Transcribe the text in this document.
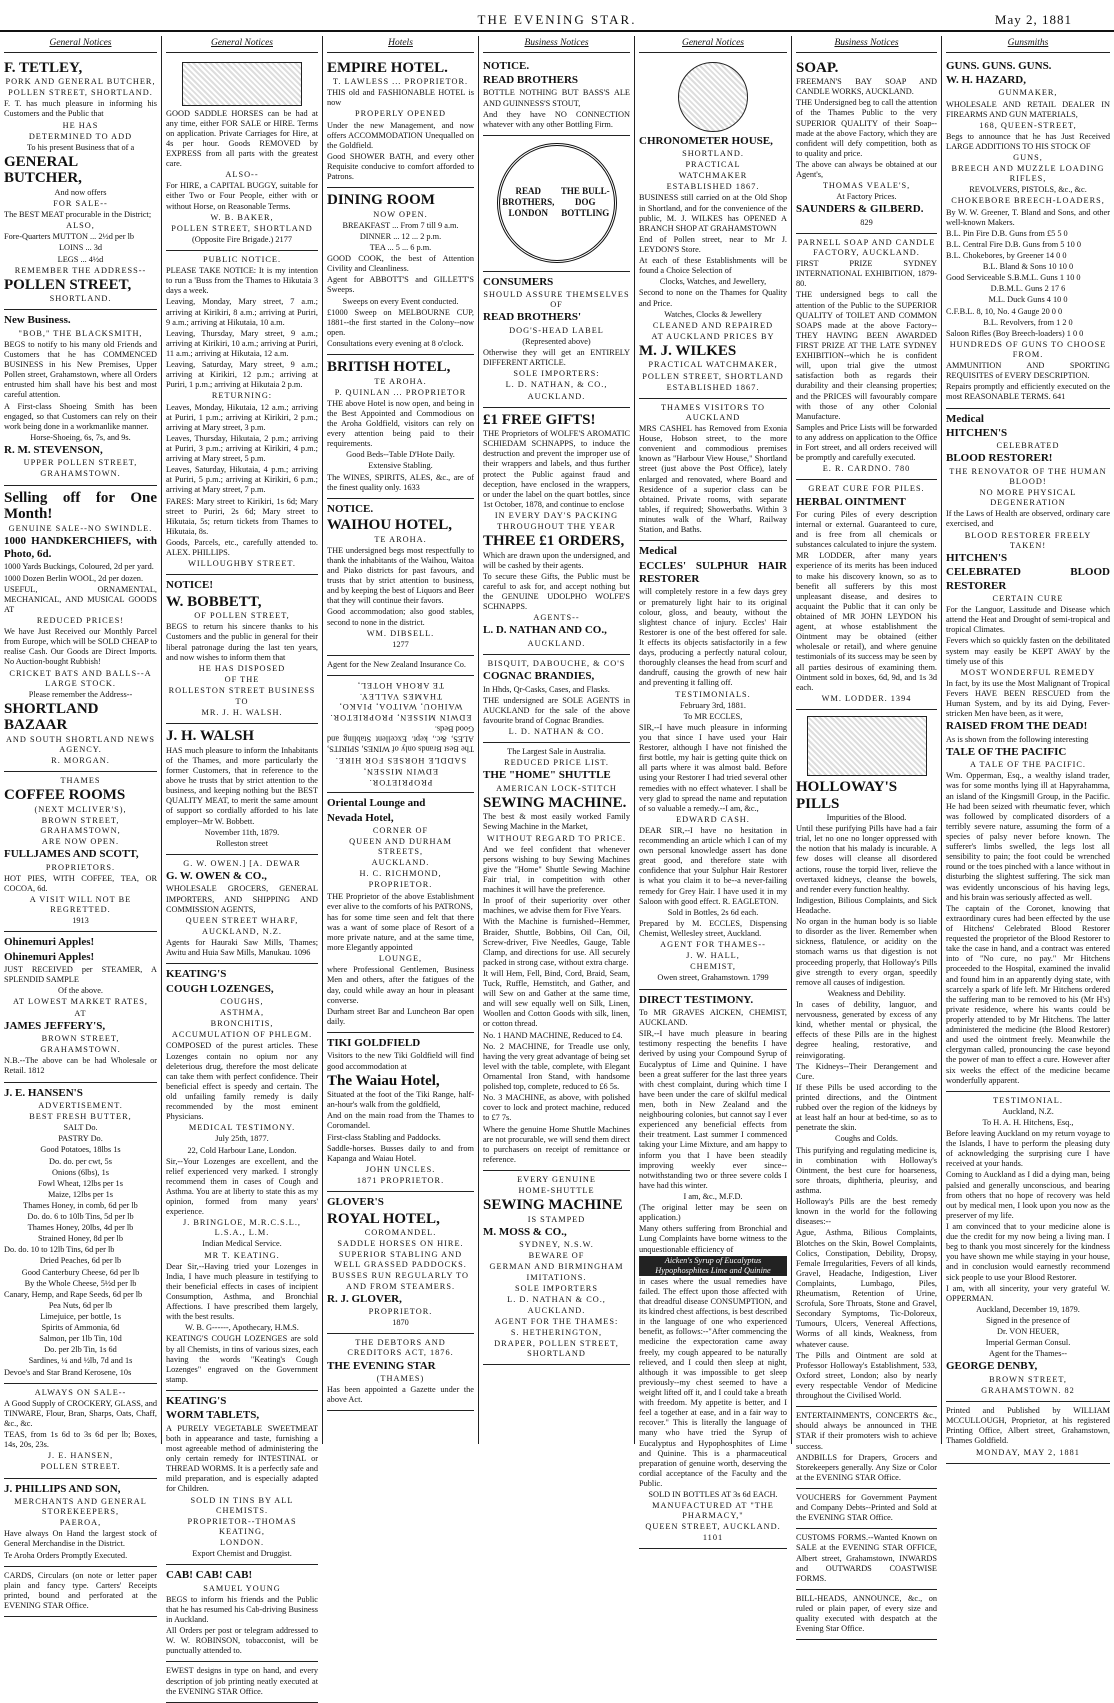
THE EVENING STAR.	May 2, 1881
General Notices

F. TETLEY,

PORK AND GENERAL BUTCHER,

POLLEN STREET, SHORTLAND.

F. T. has much pleasure in informing his Customers and the Public that

HE HAS

DETERMINED TO ADD

To his present Business that of a

GENERAL BUTCHER,

And now offers

FOR SALE--

The BEST MEAT procurable in the District;

ALSO,

Fore-Quarters MUTTON ... 2½d per lb

LOINS ... 3d

LEGS ... 4½d

REMEMBER THE ADDRESS--

POLLEN STREET,

SHORTLAND.

New Business.

"BOB," THE BLACKSMITH,

BEGS to notify to his many old Friends and Customers that he has COMMENCED BUSINESS in his New Premises, Upper Pollen street, Grahamstown, where all Orders entrusted him shall have his best and most careful attention.

A First-class Shoeing Smith has been engaged, so that Customers can rely on their work being done in a workmanlike manner.

Horse-Shoeing, 6s, 7s, and 9s.

R. M. STEVENSON,

UPPER POLLEN STREET,

GRAHAMSTOWN.

Selling off for One Month!

GENUINE SALE--NO SWINDLE.

1000 HANDKERCHIEFS, with Photo, 6d.

1000 Yards Buckings, Coloured, 2d per yard.

1000 Dozen Berlin WOOL, 2d per dozen.

USEFUL, ORNAMENTAL, MECHANICAL, AND MUSICAL GOODS AT

REDUCED PRICES!

We have Just Received our Monthly Parcel from Europe, which will be SOLD CHEAP to realise Cash. Our Goods are Direct Imports. No Auction-bought Rubbish!

CRICKET BATS AND BALLS--A LARGE STOCK.

Please remember the Address--

SHORTLAND BAZAAR

AND SOUTH SHORTLAND NEWS AGENCY.

R. MORGAN.

THAMES

COFFEE ROOMS

(NEXT MCLIVER'S),

BROWN STREET, GRAHAMSTOWN,

ARE NOW OPEN.

FULLJAMES AND SCOTT,

PROPRIETORS.

HOT PIES, WITH COFFEE, TEA, OR COCOA, 6d.

A VISIT WILL NOT BE REGRETTED.

1913

Ohinemuri Apples!

Ohinemuri Apples!

JUST RECEIVED per STEAMER, A SPLENDID SAMPLE

Of the above.

AT LOWEST MARKET RATES,

AT

JAMES JEFFERY'S,

BROWN STREET,

GRAHAMSTOWN.

N.B.--The above can be had Wholesale or Retail. 1812

J. E. HANSEN'S

ADVERTISEMENT.

BEST FRESH BUTTER,

SALT Do.

PASTRY Do.

Good Potatoes, 18lbs 1s

Do. do. per cwt, 5s

Onions (6lbs), 1s

Fowl Wheat, 12lbs per 1s

Maize, 12lbs per 1s

Thames Honey, in comb, 6d per lb

Do. do. 6 to 10lb Tins, 5d per lb

Thames Honey, 20lbs, 4d per lb

Strained Honey, 8d per lb

Do. do. 10 to 12lb Tins, 6d per lb

Dried Peaches, 6d per lb

Good Canterbury Cheese, 6d per lb

By the Whole Cheese, 5½d per lb

Canary, Hemp, and Rape Seeds, 6d per lb

Pea Nuts, 6d per lb

Limejuice, per bottle, 1s

Spirits of Ammonia, 6d

Salmon, per 1lb Tin, 10d

Do. per 2lb Tin, 1s 6d

Sardines, ¼ and ½lb, 7d and 1s

Devoe's and Star Brand Kerosene, 10s

ALWAYS ON SALE--

A Good Supply of CROCKERY, GLASS, and TINWARE, Flour, Bran, Sharps, Oats, Chaff, &c., &c.

TEAS, from 1s 6d to 3s 6d per lb; Boxes, 14s, 20s, 23s.

J. E. HANSEN,

POLLEN STREET.

J. PHILLIPS AND SON,

MERCHANTS AND GENERAL STOREKEEPERS,

PAEROA,

Have always On Hand the largest stock of General Merchandise in the District.

Te Aroha Orders Promptly Executed.

CARDS, Circulars (on note or letter paper plain and fancy type. Carters' Receipts printed, bound and perforated at the EVENING STAR Office.

General Notices

GOOD SADDLE HORSES can be had at any time, either FOR SALE or HIRE. Terms on application. Private Carriages for Hire, at 4s per hour. Goods REMOVED by EXPRESS from all parts with the greatest care.

ALSO--

For HIRE, a CAPITAL BUGGY, suitable for either Two or Four People, either with or without Horse, on Reasonable Terms.

W. B. BAKER,

POLLEN STREET, SHORTLAND

(Opposite Fire Brigade.) 2177

PUBLIC NOTICE.

PLEASE TAKE NOTICE: It is my intention to run a 'Buss from the Thames to Hikutaia 3 days a week.

Leaving, Monday, Mary street, 7 a.m.; arriving at Kirikiri, 8 a.m.; arriving at Puriri, 9 a.m.; arriving at Hikutaia, 10 a.m.

Leaving, Thursday, Mary street, 9 a.m.; arriving at Kirikiri, 10 a.m.; arriving at Puriri, 11 a.m.; arriving at Hikutaia, 12 a.m.

Leaving, Saturday, Mary street, 9 a.m.; arriving at Kirikiri, 12 p.m.; arriving at Puriri, 1 p.m.; arriving at Hikutaia 2 p.m.

RETURNING:

Leaves, Monday, Hikutaia, 12 a.m.; arriving at Puriri, 1 p.m.; arriving at Kirikiri, 2 p.m.; arriving at Mary street, 3 p.m.

Leaves, Thursday, Hikutaia, 2 p.m.; arriving at Puriri, 3 p.m.; arriving at Kirikiri, 4 p.m.; arriving at Mary street, 5 p.m.

Leaves, Saturday, Hikutaia, 4 p.m.; arriving at Puriri, 5 p.m.; arriving at Kirikiri, 6 p.m.; arriving at Mary street, 7 p.m.

FARES: Mary street to Kirikiri, 1s 6d; Mary street to Puriri, 2s 6d; Mary street to Hikutaia, 5s; return tickets from Thames to Hikutaia, 8s.

Goods, Parcels, etc., carefully attended to. ALEX. PHILLIPS.

WILLOUGHBY STREET.

NOTICE!

W. BOBBETT,

OF POLLEN STREET,

BEGS to return his sincere thanks to his Customers and the public in general for their liberal patronage during the last ten years, and now wishes to inform them that

HE HAS DISPOSED

OF THE

ROLLESTON STREET BUSINESS

TO

MR. J. H. WALSH.

J. H. WALSH

HAS much pleasure to inform the Inhabitants of the Thames, and more particularly the former Customers, that in reference to the above he trusts that by strict attention to the business, and keeping nothing but the BEST QUALITY MEAT, to merit the same amount of support so cordially afforded to his late employer--Mr W. Bobbett.

November 11th, 1879.

Rolleston street

G. W. OWEN.] [A. DEWAR

G. W. OWEN & CO.,

WHOLESALE GROCERS, GENERAL IMPORTERS, AND SHIPPING AND COMMISSION AGENTS,

QUEEN STREET WHARF,

AUCKLAND, N.Z.

Agents for Hauraki Saw Mills, Thames; Awitu and Huia Saw Mills, Manukau. 1096

KEATING'S

COUGH LOZENGES,

COUGHS,

ASTHMA,

BRONCHITIS,

ACCUMULATION OF PHLEGM.

COMPOSED of the purest articles. These Lozenges contain no opium nor any deleterious drug, therefore the most delicate can take them with perfect confidence. Their beneficial effect is speedy and certain. The old unfailing family remedy is daily recommended by the most eminent Physicians.

MEDICAL TESTIMONY.

July 25th, 1877.

22, Cold Harbour Lane, London.

Sir,--Your Lozenges are excellent, and the relief experienced very marked. I strongly recommend them in cases of Cough and Asthma. You are at liberty to state this as my opinion, formed from many years' experience.

J. BRINGLOE, M.R.C.S.L., L.S.A., L.M.

Indian Medical Service.

MR T. KEATING.

Dear Sir,--Having tried your Lozenges in India, I have much pleasure in testifying to their beneficial effects in cases of incipient Consumption, Asthma, and Bronchial Affections. I have prescribed them largely, with the best results.

W. B. G------, Apothecary, H.M.S.

KEATING'S COUGH LOZENGES are sold by all Chemists, in tins of various sizes, each having the words "Keating's Cough Lozenges" engraved on the Government stamp.

KEATING'S

WORM TABLETS,

A PURELY VEGETABLE SWEETMEAT both in appearance and taste, furnishing a most agreeable method of administering the only certain remedy for INTESTINAL or THREAD WORMS. It is a perfectly safe and mild preparation, and is especially adapted for Children.

SOLD IN TINS BY ALL CHEMISTS.

PROPRIETOR--THOMAS KEATING,

LONDON.

Export Chemist and Druggist.

CAB! CAB! CAB!

SAMUEL YOUNG

BEGS to inform his friends and the Public that he has resumed his Cab-driving Business in Auckland.

All Orders per post or telegram addressed to W. W. ROBINSON, tobacconist, will be punctually attended to.

EWEST designs in type on hand, and every description of job printing neatly executed at the EVENING STAR Office.

Hotels

EMPIRE HOTEL.

T. LAWLESS ... PROPRIETOR.

THIS old and FASHIONABLE HOTEL is now

PROPERLY OPENED

Under the new Management, and now offers ACCOMMODATION Unequalled on the Goldfield.

Good SHOWER BATH, and every other Requisite conducive to comfort afforded to Patrons.

DINING ROOM

NOW OPEN.

BREAKFAST ... From 7 till 9 a.m.

DINNER ... 12 ... 2 p.m.

TEA ... 5 ... 6 p.m.

GOOD COOK, the best of Attention Civility and Cleanliness.

Agent for ABBOTT'S and GILLETT'S Sweeps.

Sweeps on every Event conducted.

£1000 Sweep on MELBOURNE CUP, 1881--the first started in the Colony--now open.

Consultations every evening at 8 o'clock.

BRITISH HOTEL,

TE AROHA.

P. QUINLAN ... PROPRIETOR

THE above Hotel is now open, and being in the Best Appointed and Commodious on the Aroha Goldfield, visitors can rely on every attention being paid to their requirements.

Good Beds--Table D'Hote Daily.

Extensive Stabling.

The WINES, SPIRITS, ALES, &c., are of the finest quality only. 1633

NOTICE.

WAIHOU HOTEL,

TE AROHA.

THE undersigned begs most respectfully to thank the inhabitants of the Waihou, Waitoa and Piako districts for past favours, and trusts that by strict attention to business, and by keeping the best of Liquors and Beer that they will continue their favors.

Good accommodation; also good stables, second to none in the district.

WM. DIBSELL.

1277

Agent for the New Zealand Insurance Co.

TE AROHA HOTEL,

WAIHOU, WAITOA, PIAKO, THAMES VALLEY.

EDWIN MISSEN, PROPRIETOR.

The Best Brands only of WINES, SPIRITS, ALES, &c., kept. Excellent Stabling and Good Beds.

SADDLE HORSES FOR HIRE.

EDWIN MISSEN,

PROPRIETOR.

Oriental Lounge and

Nevada Hotel,

CORNER OF

QUEEN AND DURHAM STREETS,

AUCKLAND.

H. C. RICHMOND,

PROPRIETOR.

THE Proprietor of the above Establishment ever alive to the comforts of his PATRONS,

has for some time seen and felt that there was a want of some place of Resort of a more private nature, and at the same time, more Elegantly appointed

LOUNGE,

where Professional Gentlemen, Business Men and others, after the fatigues of the day, could while away an hour in pleasant converse.

Durham street Bar and Luncheon Bar open daily.

TIKI GOLDFIELD

Visitors to the new Tiki Goldfield will find good accommodation at

The Waiau Hotel,

Situated at the foot of the Tiki Range, half-an-hour's walk from the goldfield,

And on the main road from the Thames to Coromandel.

First-class Stabling and Paddocks.

Saddle-horses. Busses daily to and from Kapanga and Waiau Hotel.

JOHN UNCLES.

1871 PROPRIETOR.

GLOVER'S

ROYAL HOTEL,

COROMANDEL.

SADDLE HORSES ON HIRE.

SUPERIOR STABLING AND WELL GRASSED PADDOCKS.

BUSSES RUN REGULARLY TO AND FROM STEAMERS.

R. J. GLOVER,

PROPRIETOR.

1870

THE DEBTORS AND CREDITORS ACT, 1876.

THE EVENING STAR

(THAMES)

Has been appointed a Gazette under the above Act.

Business Notices

NOTICE.

READ BROTHERS

BOTTLE NOTHING BUT BASS'S ALE AND GUINNESS'S STOUT,

And they have NO CONNECTION whatever with any other Bottling Firm.

READ BROTHERS, LONDON
THE BULL-DOG BOTTLING

CONSUMERS

SHOULD ASSURE THEMSELVES OF

READ BROTHERS'

DOG'S-HEAD LABEL

(Represented above)

Otherwise they will get an ENTIRELY DIFFERENT ARTICLE.

SOLE IMPORTERS:

L. D. NATHAN, & CO.,

AUCKLAND.

£1 FREE GIFTS!

THE Proprietors of WOLFE'S AROMATIC SCHIEDAM SCHNAPPS, to induce the destruction and prevent the improper use of their wrappers and labels, and thus further protect the Public against fraud and deception, have enclosed in the wrappers, or under the label on the quart bottles, since 1st October, 1878, and continue to enclose

IN EVERY DAY'S PACKING

THROUGHOUT THE YEAR

THREE £1 ORDERS,

Which are drawn upon the undersigned, and will be cashed by their agents.

To secure these Gifts, the Public must be careful to ask for, and accept nothing but the GENUINE UDOLPHO WOLFE'S SCHNAPPS.

AGENTS--

L. D. NATHAN AND CO.,

AUCKLAND.

BISQUIT, DABOUCHE, & CO'S

COGNAC BRANDIES,

In Hhds, Qr-Casks, Cases, and Flasks.

THE undersigned are SOLE AGENTS in AUCKLAND for the sale of the above favourite brand of Cognac Brandies.

L. D. NATHAN & CO.

The Largest Sale in Australia.

REDUCED PRICE LIST.

THE "HOME" SHUTTLE

AMERICAN LOCK-STITCH

SEWING MACHINE.

The best & most easily worked Family Sewing Machine in the Market,

WITHOUT REGARD TO PRICE.

And we feel confident that whenever persons wishing to buy Sewing Machines give the "Home" Shuttle Sewing Machine Fair trial, in competition with other machines it will have the preference.

In proof of their superiority over other machines, we advise them for Five Years.

With the Machine is furnished--Hemmer, Braider, Shuttle, Bobbins, Oil Can, Oil, Screw-driver, Five Needles, Gauge, Table Clamp, and directions for use. All securely packed in strong case, without extra charge.

It will Hem, Fell, Bind, Cord, Braid, Seam, Tuck, Ruffle, Hemstitch, and Gather, and will Sew on and Gather at the same time, and will sew equally well on Silk, Linen, Woollen and Cotton Goods with silk, linen, or cotton thread.

No. 1 HAND MACHINE, Reduced to £4.

No. 2 MACHINE, for Treadle use only, having the very great advantage of being set level with the table, complete, with Elegant Ornamental Iron Stand, with handsome polished top, complete, reduced to £6 5s.

No. 3 MACHINE, as above, with polished cover to lock and protect machine, reduced to £7 7s.

Where the genuine Home Shuttle Machines are not procurable, we will send them direct to purchasers on receipt of remittance or reference.

EVERY GENUINE

HOME-SHUTTLE

SEWING MACHINE

IS STAMPED

M. MOSS & CO.,

SYDNEY, N.S.W.

BEWARE OF

GERMAN AND BIRMINGHAM IMITATIONS.

SOLE IMPORTERS

L. D. NATHAN & CO.,

AUCKLAND.

AGENT FOR THE THAMES:

S. HETHERINGTON,

DRAPER, POLLEN STREET, SHORTLAND

General Notices

CHRONOMETER HOUSE,

SHORTLAND.

PRACTICAL

WATCHMAKER

ESTABLISHED 1867.

BUSINESS still carried on at the Old Shop in Shortland, and for the convenience of the public, M. J. WILKES has OPENED A BRANCH SHOP AT GRAHAMSTOWN

End of Pollen street, near to Mr J. LEYDON'S Store.

At each of these Establishments will be found a Choice Selection of

Clocks, Watches, and Jewellery,

Second to none on the Thames for Quality and Price.

Watches, Clocks & Jewellery

CLEANED AND REPAIRED

AT AUCKLAND PRICES BY

M. J. WILKES

PRACTICAL WATCHMAKER,

POLLEN STREET, SHORTLAND

ESTABLISHED 1867.

THAMES VISITORS TO AUCKLAND

MRS CASHEL has Removed from Exonia House, Hobson street, to the more convenient and commodious premises known as "Harbour View House," Shortland street (just above the Post Office), lately enlarged and renovated, where Board and Residence of a superior class can be obtained. Private rooms, with separate tables, if required; Showerbaths. Within 3 minutes walk of the Wharf, Railway Station, and Baths.

Medical

ECCLES' SULPHUR HAIR RESTORER

will completely restore in a few days grey or prematurely light hair to its original colour, gloss, and beauty, without the slightest chance of injury. Eccles' Hair Restorer is one of the best offered for sale. It effects its objects satisfactorily in a few days, producing a perfectly natural colour, thoroughly cleanses the head from scurf and dandruff, causing the growth of new hair and preventing it falling off.

TESTIMONIALS.

February 3rd, 1881.

To MR ECCLES,

SIR,--I have much pleasure in informing you that since I have used your Hair Restorer, although I have not finished the first bottle, my hair is getting quite thick on all parts where it was almost bald. Before using your Restorer I had tried several other remedies with no effect whatever. I shall be very glad to spread the name and reputation of so valuable a remedy.--I am, &c.,

EDWARD CASH.

DEAR SIR,--I have no hesitation in recommending an article which I can of my own personal knowledge assert has done great good, and therefore state with confidence that your Sulphur Hair Restorer is what you claim it to be--a never-failing remedy for Grey Hair. I have used it in my Saloon with good effect. R. EAGLETON.

Sold in Bottles, 2s 6d each.

Prepared by M. ECCLES, Dispensing Chemist, Wellesley street, Auckland.

AGENT FOR THAMES--

J. W. HALL,

CHEMIST,

Owen street, Grahamstown. 1799

DIRECT TESTIMONY.

To MR GRAVES AICKEN, CHEMIST, AUCKLAND.

SIR,--I have much pleasure in bearing testimony respecting the benefits I have derived by using your Compound Syrup of Eucalyptus of Lime and Quinine. I have been a great sufferer for the last three years with chest complaint, during which time I have been under the care of skilful medical men, both in New Zealand and the neighbouring colonies, but cannot say I ever experienced any beneficial effects from their treatment. Last summer I commenced taking your Lime Mixture, and am happy to inform you that I have been steadily improving weekly ever since--notwithstanding two or three severe colds I have had this winter.

I am, &c., M.F.D.

(The original letter may be seen on application.)

Many others suffering from Bronchial and Lung Complaints have borne witness to the unquestionable efficiency of

Aicken's Syrup of Eucalyptus Hypophosphites Lime and Quinine

in cases where the usual remedies have failed. The effect upon those affected with that dreadful disease CONSUMPTION, and its kindred chest affections, is best described in the language of one who experienced benefit, as follows:--"After commencing the medicine the expectoration came away freely, my cough appeared to be naturally relieved, and I could then sleep at night, although it was impossible to get sleep previously--my chest seemed to have a weight lifted off it, and I could take a breath with freedom. My appetite is better, and I feel a together at ease, and in a fair way to recover." This is literally the language of many who have tried the Syrup of Eucalyptus and Hypophosphites of Lime and Quinine. This is a pharmaceutical preparation of genuine worth, deserving the cordial acceptance of the Faculty and the Public.

SOLD IN BOTTLES AT 3s 6d EACH.

MANUFACTURED AT "THE PHARMACY,"

QUEEN STREET, AUCKLAND. 1101

Business Notices

SOAP.

FREEMAN'S BAY SOAP AND CANDLE WORKS, AUCKLAND.

THE Undersigned beg to call the attention of the Thames Public to the very SUPERIOR QUALITY of their Soap--made at the above Factory, which they are confident will defy competition, both as to quality and price.

The above can always be obtained at our Agent's,

THOMAS VEALE'S,

At Factory Prices.

SAUNDERS & GILBERD.

829

PARNELL SOAP AND CANDLE FACTORY, AUCKLAND.

FIRST PRIZE SYDNEY INTERNATIONAL EXHIBITION, 1879-80.

THE undersigned begs to call the attention of the Public to the SUPERIOR QUALITY of TOILET AND COMMON SOAPS made at the above Factory--THEY HAVING BEEN AWARDED FIRST PRIZE AT THE LATE SYDNEY EXHIBITION--which he is confident will, upon trial give the utmost satisfaction both as regards their durability and their cleansing properties; and the PRICES will favourably compare with those of any other Colonial Manufacture.

Samples and Price Lists will be forwarded to any address on application to the Office in Fort street, and all orders received will be promptly and carefully executed.

E. R. CARDNO. 780

GREAT CURE FOR PILES.

HERBAL OINTMENT

For curing Piles of every description internal or external. Guaranteed to cure, and is free from all chemicals or substances calculated to injure the system.

MR LODDER, after many years experience of its merits has been induced to make his discovery known, so as to benefit all sufferers by this most unpleasant disease, and desires to acquaint the Public that it can only be obtained of MR JOHN LEYDON his agent, at whose establishment the Ointment may be obtained (either wholesale or retail), and where genuine testimonials of its success may be seen by all parties desirous of examining them. Ointment sold in boxes, 6d, 9d, and 1s 3d each.

WM. LODDER. 1394

HOLLOWAY'S PILLS

Impurities of the Blood.

Until these purifying Pills have had a fair trial, let no one no longer oppressed with the notion that his malady is incurable. A few doses will cleanse all disordered actions, rouse the torpid liver, relieve the overtaxed kidneys, cleanse the bowels, and render every function healthy.

Indigestion, Bilious Complaints, and Sick Headache.

No organ in the human body is so liable to disorder as the liver. Remember when sickness, flatulence, or acidity on the stomach warns us that digestion is not proceeding properly, that Holloway's Pills give strength to every organ, speedily remove all causes of indigestion.

Weakness and Debility.

In cases of debility, languor, and nervousness, generated by excess of any kind, whether mental or physical, the effects of these Pills are in the highest degree healing, restorative, and reinvigorating.

The Kidneys--Their Derangement and Cure.

If these Pills be used according to the printed directions, and the Ointment rubbed over the region of the kidneys by at least half an hour at bed-time, so as to penetrate the skin.

Coughs and Colds.

This purifying and regulating medicine is, in combination with Holloway's Ointment, the best cure for hoarseness, sore throats, diphtheria, pleurisy, and asthma.

Holloway's Pills are the best remedy known in the world for the following diseases:--

Ague, Asthma, Bilious Complaints, Blotches on the Skin, Bowel Complaints, Colics, Constipation, Debility, Dropsy, Female Irregularities, Fevers of all kinds, Gravel, Headache, Indigestion, Liver Complaints, Lumbago, Piles, Rheumatism, Retention of Urine, Scrofula, Sore Throats, Stone and Gravel, Secondary Symptoms, Tic-Doloreux, Tumours, Ulcers, Venereal Affections, Worms of all kinds, Weakness, from whatever cause.

The Pills and Ointment are sold at Professor Holloway's Establishment, 533, Oxford street, London; also by nearly every respectable Vendor of Medicine throughout the Civilised World.

ENTERTAINMENTS, CONCERTS &c., should always be announced in THE STAR if their promoters wish to achieve success.

ANDBILLS for Drapers, Grocers and Storekeepers generally. Any Size or Color at the EVENING STAR Office.

VOUCHERS for Government Payment and Company Debts--Printed and Sold at the EVENING STAR Office.

CUSTOMS FORMS.--Wanted Known on SALE at the EVENING STAR OFFICE, Albert street, Grahamstown, INWARDS and OUTWARDS COASTWISE FORMS.

BILL-HEADS, ANNOUNCE, &c., on ruled or plain paper, of every size and quality executed with despatch at the Evening Star Office.

Gunsmiths

GUNS. GUNS. GUNS.

W. H. HAZARD,

GUNMAKER,

WHOLESALE AND RETAIL DEALER IN FIREARMS AND GUN MATERIALS,

168, QUEEN-STREET,

Begs to announce that he has Just Received LARGE ADDITIONS TO HIS STOCK OF

GUNS,

BREECH AND MUZZLE LOADING RIFLES,

REVOLVERS, PISTOLS, &c., &c.

CHOKEBORE BREECH-LOADERS,

By W. W. Greener, T. Bland and Sons, and other well-known Makers.

B.L. Pin Fire D.B. Guns from £5 5 0

B.L. Central Fire D.B. Guns from 5 10 0

B.L. Chokebores, by Greener 14 0 0

B.L. Bland & Sons 10 10 0

Good Serviceable S.B.M.L. Guns 1 10 0

D.B.M.L. Guns 2 17 6

M.L. Duck Guns 4 10 0

C.F.B.L. 8, 10, No. 4 Gauge 20 0 0

B.L. Revolvers, from 1 2 0

Saloon Rifles (Boy Breech-loaders) 1 0 0

HUNDREDS OF GUNS TO CHOOSE FROM.

AMMUNITION AND SPORTING REQUISITES of EVERY DESCRIPTION.

Repairs promptly and efficiently executed on the most REASONABLE TERMS. 641

Medical

HITCHEN'S

CELEBRATED

BLOOD RESTORER!

THE RENOVATOR OF THE HUMAN BLOOD!

NO MORE PHYSICAL DEGENERATION

If the Laws of Health are observed, ordinary care exercised, and

BLOOD RESTORER FREELY TAKEN!

HITCHEN'S

CELEBRATED BLOOD RESTORER

CERTAIN CURE

For the Languor, Lassitude and Disease which attend the Heat and Drought of semi-tropical and tropical Climates.

Fevers which so quickly fasten on the debilitated system may easily be KEPT AWAY by the timely use of this

MOST WONDERFUL REMEDY

In fact, by its use the Most Malignant of Tropical Fevers HAVE BEEN RESCUED from the Human System, and by its aid Dying, Fever-stricken Men have been, as it were,

RAISED FROM THE DEAD!

As is shown from the following interesting

TALE OF THE PACIFIC

A TALE OF THE PACIFIC.

Wm. Opperman, Esq., a wealthy island trader, was for some months lying ill at Hapyrahamma, an island of the Kingsmill Group, in the Pacific. He had been seized with rheumatic fever, which was followed by complicated disorders of a terribly severe nature, assuming the form of a species of palsy never before known. The sufferer's limbs swelled, the legs lost all sensibility to pain; the foot could be wrenched round or the toes pinched with a lance without in disturbing the slightest suffering. The sick man was evidently unconscious of his having legs, and his brain was seriously affected as well.

The captain of the Coronet, knowing that extraordinary cures had been effected by the use of Hitchens' Celebrated Blood Restorer requested the proprietor of the Blood Restorer to take the case in hand, and a contract was entered into of "No cure, no pay." Mr Hitchens proceeded to the Hospital, examined the invalid and found him in an apparently dying state, with scarcely a spark of life left. Mr Hitchens ordered the suffering man to be removed to his (Mr H's) private residence, where his wants could be properly attended to by Mr Hitchens. The latter administered the medicine (the Blood Restorer) and used the ointment freely. Meanwhile the clergyman called, pronouncing the case beyond the power of man to effect a cure. However after six weeks the effect of the medicine became wonderfully apparent.

TESTIMONIAL.

Auckland, N.Z.

To H. A. H. Hitchens, Esq.,

Before leaving Auckland on my return voyage to the Islands, I have to perform the pleasing duty of acknowledging the surprising cure I have received at your hands.

Coming to Auckland as I did a dying man, being palsied and generally unconscious, and bearing from others that no hope of recovery was held out by medical men, I look upon you now as the preserver of my life.

I am convinced that to your medicine alone is due the credit for my now being a living man. I beg to thank you most sincerely for the kindness you have shown me while staying in your house, and in conclusion would earnestly recommend sick people to use your Blood Restorer.

I am, with all sincerity, your very grateful W. OPPERMAN.

Auckland, December 19, 1879.

Signed in the presence of

Dr. VON HEUER,

Imperial German Consul.

Agent for the Thames--

GEORGE DENBY,

BROWN STREET,

GRAHAMSTOWN. 82

Printed and Published by WILLIAM MCCULLOUGH, Proprietor, at his registered Printing Office, Albert street, Grahamstown, Thames Goldfield.

MONDAY, MAY 2, 1881
